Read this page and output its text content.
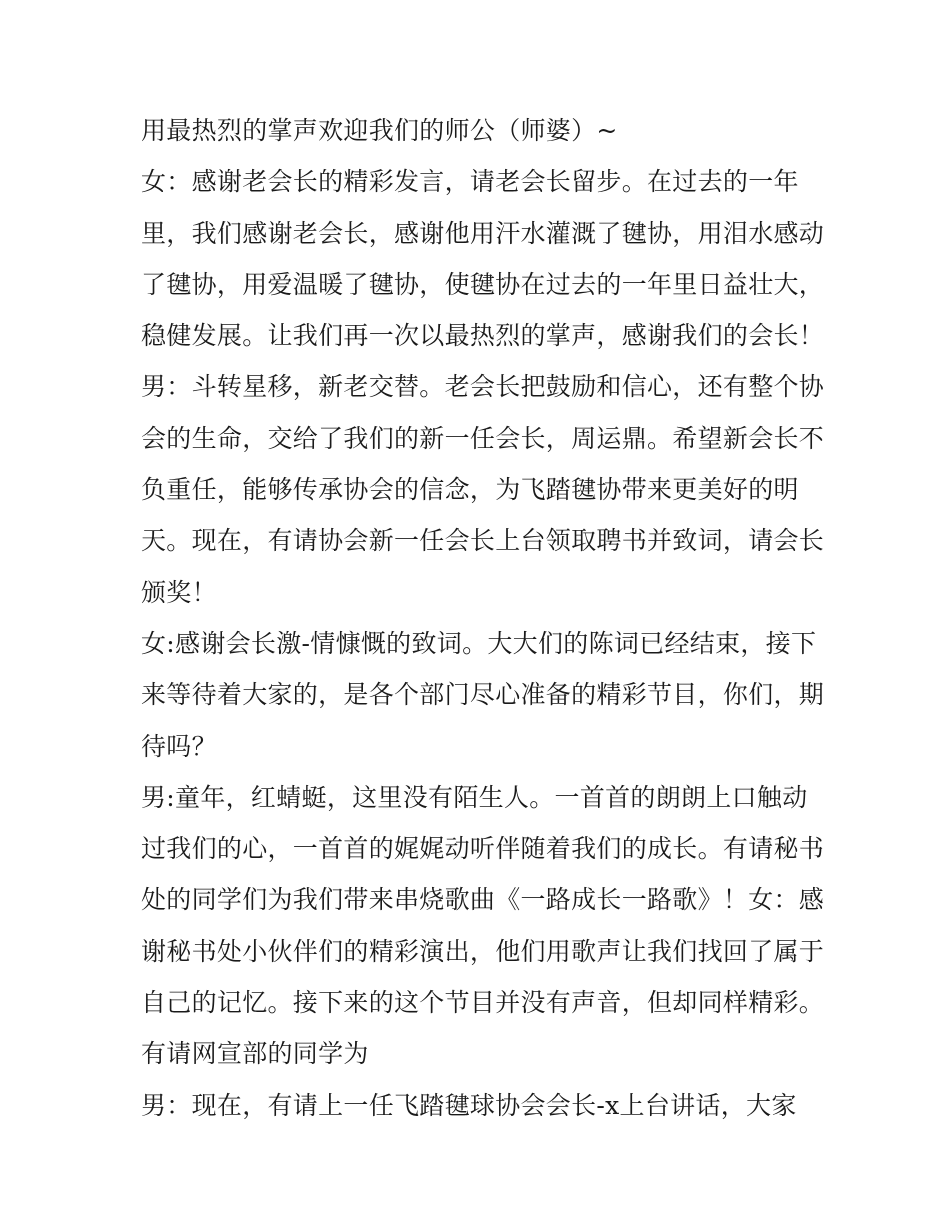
用最热烈的掌声欢迎我们的师公（师婆）~
女：感谢老会长的精彩发言，请老会长留步。在过去的一年
里，我们感谢老会长，感谢他用汗水灌溉了毽协，用泪水感动
了毽协，用爱温暖了毽协，使毽协在过去的一年里日益壮大，
稳健发展。让我们再一次以最热烈的掌声，感谢我们的会长！
男：斗转星移，新老交替。老会长把鼓励和信心，还有整个协
会的生命，交给了我们的新一任会长，周运鼎。希望新会长不
负重任，能够传承协会的信念，为飞踏毽协带来更美好的明
天。现在，有请协会新一任会长上台领取聘书并致词，请会长
颁奖！
女:感谢会长激-情慷慨的致词。大大们的陈词已经结束，接下
来等待着大家的，是各个部门尽心准备的精彩节目，你们，期
待吗？
男:童年，红蜻蜓，这里没有陌生人。一首首的朗朗上口触动
过我们的心，一首首的娓娓动听伴随着我们的成长。有请秘书
处的同学们为我们带来串烧歌曲《一路成长一路歌》！女：感
谢秘书处小伙伴们的精彩演出，他们用歌声让我们找回了属于
自己的记忆。接下来的这个节目并没有声音，但却同样精彩。
有请网宣部的同学为
男：现在，有请上一任飞踏毽球协会会长-x上台讲话，大家
